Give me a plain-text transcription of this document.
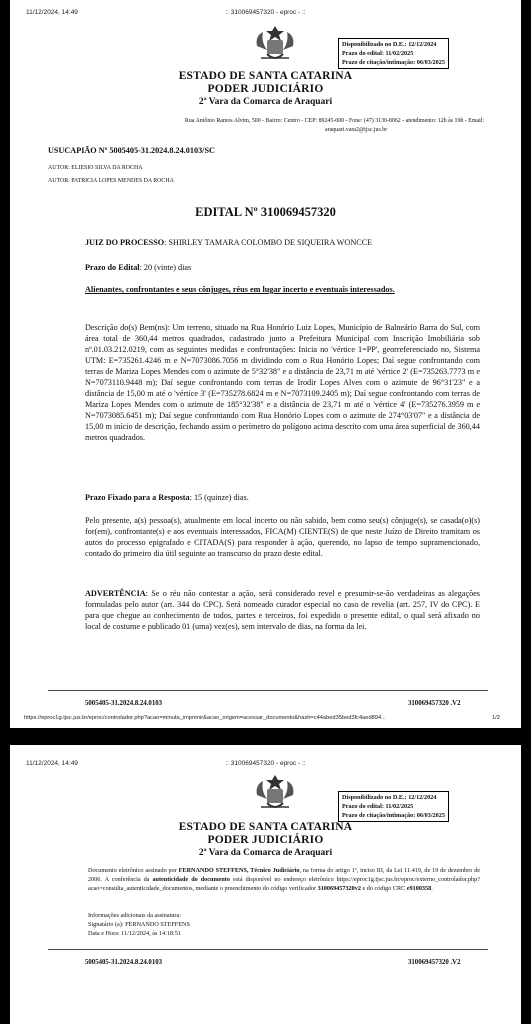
11/12/2024, 14:49	:: 310069457320 - eproc - ::
Disponibilizado no D.E.: 12/12/2024
Prazo do edital: 11/02/2025
Prazo de citação/intimação: 06/03/2025
ESTADO DE SANTA CATARINA
PODER JUDICIÁRIO
2ª Vara da Comarca de Araquari
Rua Antônio Ramos Alvim, 500 - Bairro: Centro - CEP: 89245-000 - Fone: (47) 3130-8062 - atendimento: 12h às 19h - Email:
araquari.vara2@tjsc.jus.br
USUCAPIÃO Nº 5005405-31.2024.8.24.0103/SC
AUTOR: ELIESIO SILVA DA ROCHA
AUTOR: PATRICIA LOPES MENDES DA ROCHA
EDITAL Nº 310069457320
JUIZ DO PROCESSO: SHIRLEY TAMARA COLOMBO DE SIQUEIRA WONCCE
Prazo do Edital: 20 (vinte) dias
Alienantes, confrontantes e seus cônjuges, réus em lugar incerto e eventuais interessados.
Descrição do(s) Bem(ns): Um terreno, situado na Rua Honório Luiz Lopes, Município de Balneário Barra do Sul, com área total de 360,44 metros quadrados, cadastrado junto a Prefeitura Municipal com Inscrição Imobiliária sob nº.01.03.212.0219, com as seguintes medidas e confrontações: Inicia no 'vértice 1=PP', georreferenciado no, Sistema UTM: E=735261.4246 m e N=7073086.7056 m dividindo com o Rua Honório Lopes; Daí segue confrontando com terras de Mariza Lopes Mendes com o azimute de 5°32'38" e a distância de 23,71 m até 'vértice 2' (E=735263.7773 m e N=7073110.9448 m); Daí segue confrontando com terras de Irodir Lopes Alves com o azimute de 96°31'23" e a distância de 15,00 m até o 'vértice 3' (E=735278.6824 m e N=7073109.2405 m); Daí segue confrontando com terras de Mariza Lopes Mendes com o azimute de 185°32'38" e a distância de 23,71 m até o 'vértice 4' (E=735276.3959 m e N=7073085.6451 m); Daí segue confrontando com Rua Honório Lopes com o azimute de 274°03'07" e a distância de 15,00 m início de descrição, fechando assim o perímetro do polígono acima descrito com uma área superficial de 360,44 metros quadrados.
Prazo Fixado para a Resposta: 15 (quinze) dias.
Pelo presente, a(s) pessoa(s), atualmente em local incerto ou não sabido, bem como seu(s) cônjuge(s), se casada(o)(s) for(em), confrontante(s) e aos eventuais interessados, FICA(M) CIENTE(S) de que neste Juízo de Direito tramitam os autos do processo epigrafado e CITADA(S) para responder à ação, querendo, no lapso de tempo supramencionado, contado do primeiro dia útil seguinte ao transcurso do prazo deste edital.
ADVERTÊNCIA: Se o réu não contestar a ação, será considerado revel e presumir-se-ão verdadeiras as alegações formuladas pelo autor (art. 344 do CPC). Será nomeado curador especial no caso de revelia (art. 257, IV do CPC). E para que chegue ao conhecimento de todos, partes e terceiros, foi expedido o presente edital, o qual será afixado no local de costume e publicado 01 (uma) vez(es), sem intervalo de dias, na forma da lei.
5005405-31.2024.8.24.0103	310069457320 .V2
https://eproc1g.tjsc.jus.br/eproc/controlador.php?acao=minuta_imprimir&acao_origem=acessar_documento&hash=c44abed35bed3fc4aed894...	1/2
11/12/2024, 14:49	:: 310069457320 - eproc - ::
Disponibilizado no D.E.: 12/12/2024
Prazo do edital: 11/02/2025
Prazo de citação/intimação: 06/03/2025
ESTADO DE SANTA CATARINA
PODER JUDICIÁRIO
2ª Vara da Comarca de Araquari
Documento eletrônico assinado por FERNANDO STEFFENS, Técnico Judiciário, na forma do artigo 1º, inciso III, da Lei 11.419, de 19 de dezembro de 2006. A conferência da autenticidade do documento está disponível no endereço eletrônico https://eproc1g.tjsc.jus.br/eproc/externo_controlador.php?acao=consulta_autenticidade_documentos, mediante o preenchimento do código verificador 310069457320v2 e do código CRC e9100358.
Informações adicionais da assinatura:
Signatário (a): FERNANDO STEFFENS
Data e Hora: 11/12/2024, às 14:18:51
5005405-31.2024.8.24.0103	310069457320 .V2
